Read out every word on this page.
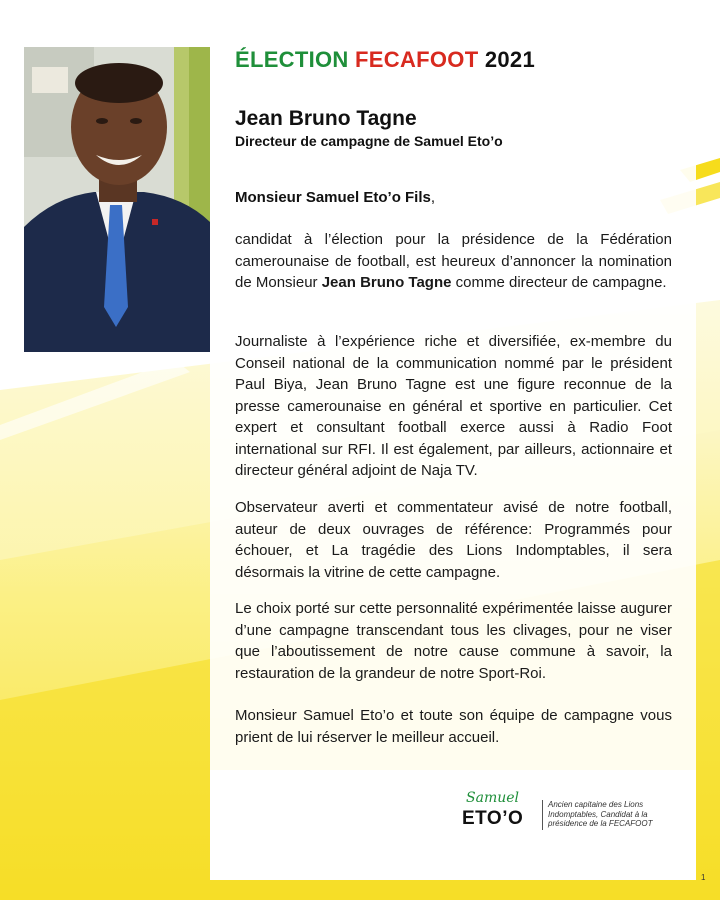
ÉLECTION FECAFOOT 2021

Jean Bruno Tagne

Directeur de campagne de Samuel Eto’o

Monsieur Samuel Eto’o Fils,

candidat à l’élection pour la présidence de la Fédération camerounaise de football, est heureux d’annoncer la nomination de Monsieur Jean Bruno Tagne comme directeur de campagne.

Journaliste à l’expérience riche et diversifiée, ex-membre du Conseil national de la communication nommé par le président Paul Biya, Jean Bruno Tagne est une figure reconnue de la presse camerounaise en général et sportive en particulier. Cet expert et consultant football exerce aussi à Radio Foot international sur RFI. Il est également, par ailleurs, actionnaire et directeur général adjoint de Naja TV.

Observateur averti et commentateur avisé de notre football, auteur de deux ouvrages de référence: Programmés pour échouer, et La tragédie des Lions Indomptables, il sera désormais la vitrine de cette campagne.

Le choix porté sur cette personnalité expérimentée laisse augurer d’une campagne transcendant tous les clivages, pour ne viser que l’aboutissement de notre cause commune à savoir, la restauration de la grandeur de notre Sport-Roi.

Monsieur Samuel Eto’o et toute son équipe de campagne vous prient de lui réserver le meilleur accueil.

Samuel

ETO’O

Ancien capitaine des Lions Indomptables, Candidat à la présidence de la FECAFOOT

1
